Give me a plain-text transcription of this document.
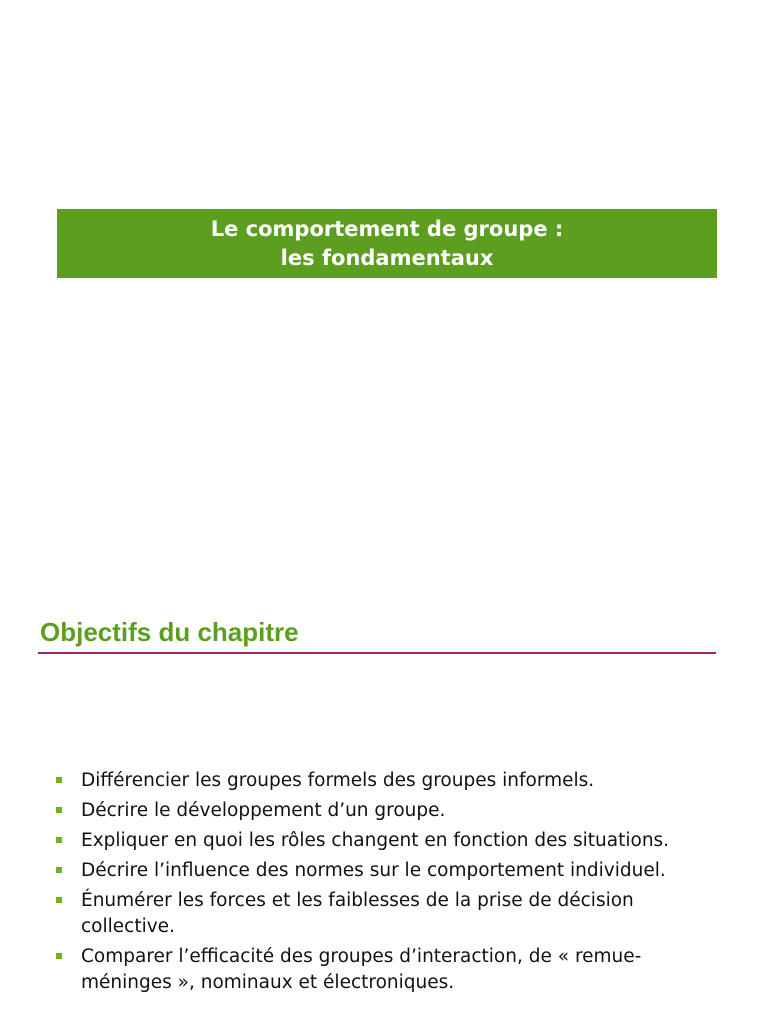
Le comportement de groupe :
les fondamentaux
Objectifs du chapitre
Différencier les groupes formels des groupes informels.
Décrire le développement d’un groupe.
Expliquer en quoi les rôles changent en fonction des situations.
Décrire l’influence des normes sur le comportement individuel.
Énumérer les forces et les faiblesses de la prise de décision collective.
Comparer l’efficacité des groupes d’interaction, de « remue-méninges », nominaux et électroniques.
